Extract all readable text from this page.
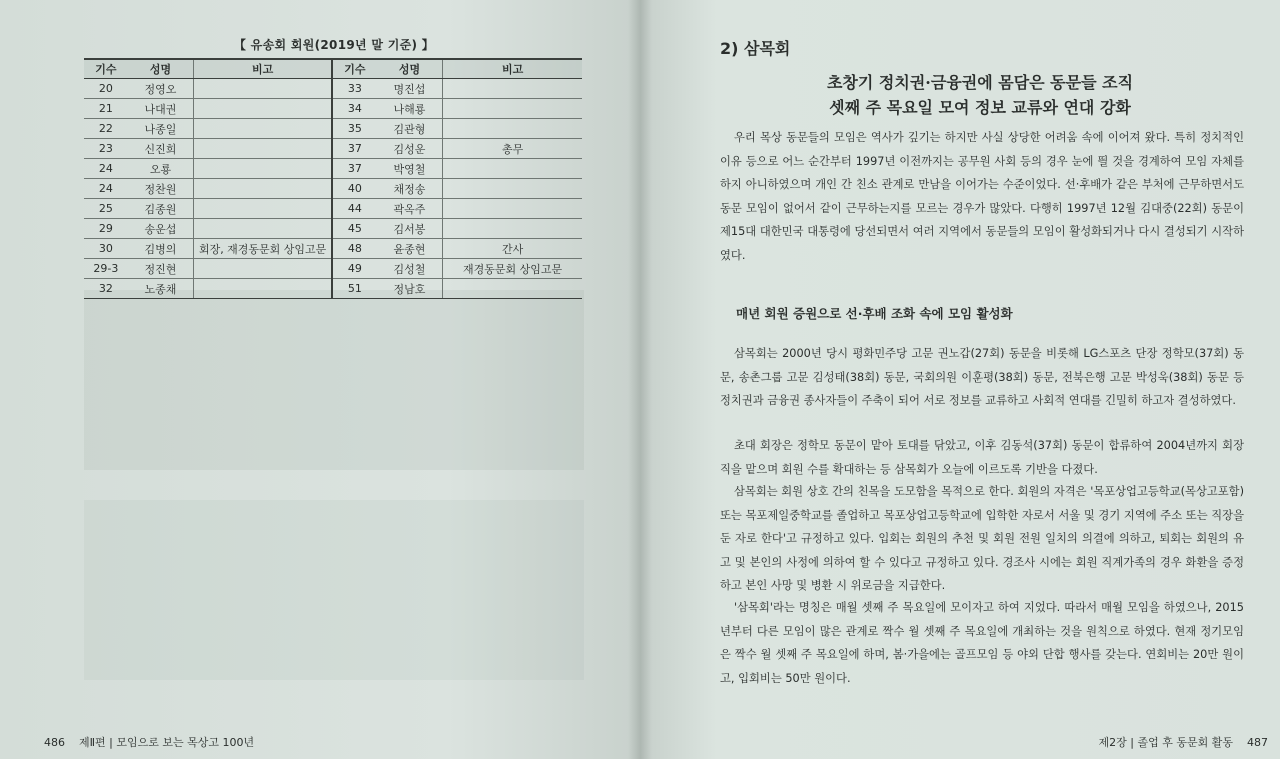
【 유송회 회원(2019년 말 기준) 】
기수	성명	비고	기수	성명	비고
20	정영오		33	명진섭	
21	나대권		34	나해룡	
22	나종일		35	김관형	
23	신진희		37	김성운	총무
24	오룡		37	박영철	
24	정찬원		40	채정송	
25	김종원		44	곽옥주	
29	송운섭		45	김서봉	
30	김병의	회장, 재경동문회 상임고문	48	윤종현	간사
29-3	정진현		49	김성철	재경동문회 상임고문
32	노종채		51	정남호	
486 제Ⅱ편 | 모임으로 보는 목상고 100년
2) 삼목회
초창기 정치권·금융권에 몸담은 동문들 조직
셋째 주 목요일 모여 정보 교류와 연대 강화

우리 목상 동문들의 모임은 역사가 깊기는 하지만 사실 상당한 어려움 속에 이어져 왔다. 특히 정치적인 이유 등으로 어느 순간부터 1997년 이전까지는 공무원 사회 등의 경우 눈에 띌 것을 경계하여 모임 자체를 하지 아니하였으며 개인 간 친소 관계로 만남을 이어가는 수준이었다. 선·후배가 같은 부처에 근무하면서도 동문 모임이 없어서 같이 근무하는지를 모르는 경우가 많았다. 다행히 1997년 12월 김대중(22회) 동문이 제15대 대한민국 대통령에 당선되면서 여러 지역에서 동문들의 모임이 활성화되거나 다시 결성되기 시작하였다.

매년 회원 증원으로 선·후배 조화 속에 모임 활성화

삼목회는 2000년 당시 평화민주당 고문 권노갑(27회) 동문을 비롯해 LG스포츠 단장 정학모(37회) 동문, 송촌그룹 고문 김성태(38회) 동문, 국회의원 이훈평(38회) 동문, 전북은행 고문 박성욱(38회) 동문 등 정치권과 금융권 종사자들이 주축이 되어 서로 정보를 교류하고 사회적 연대를 긴밀히 하고자 결성하였다.

초대 회장은 정학모 동문이 맡아 토대를 닦았고, 이후 김동석(37회) 동문이 합류하여 2004년까지 회장직을 맡으며 회원 수를 확대하는 등 삼목회가 오늘에 이르도록 기반을 다졌다.

삼목회는 회원 상호 간의 친목을 도모함을 목적으로 한다. 회원의 자격은 '목포상업고등학교(목상고포함) 또는 목포제일중학교를 졸업하고 목포상업고등학교에 입학한 자로서 서울 및 경기 지역에 주소 또는 직장을 둔 자로 한다'고 규정하고 있다. 입회는 회원의 추천 및 회원 전원 일치의 의결에 의하고, 퇴회는 회원의 유고 및 본인의 사정에 의하여 할 수 있다고 규정하고 있다. 경조사 시에는 회원 직계가족의 경우 화환을 증정하고 본인 사망 및 병환 시 위로금을 지급한다.

'삼목회'라는 명칭은 매월 셋째 주 목요일에 모이자고 하여 지었다. 따라서 매월 모임을 하였으나, 2015년부터 다른 모임이 많은 관계로 짝수 월 셋째 주 목요일에 개최하는 것을 원칙으로 하였다. 현재 정기모임은 짝수 월 셋째 주 목요일에 하며, 봄·가을에는 골프모임 등 야외 단합 행사를 갖는다. 연회비는 20만 원이고, 입회비는 50만 원이다.

제2장 | 졸업 후 동문회 활동 487
